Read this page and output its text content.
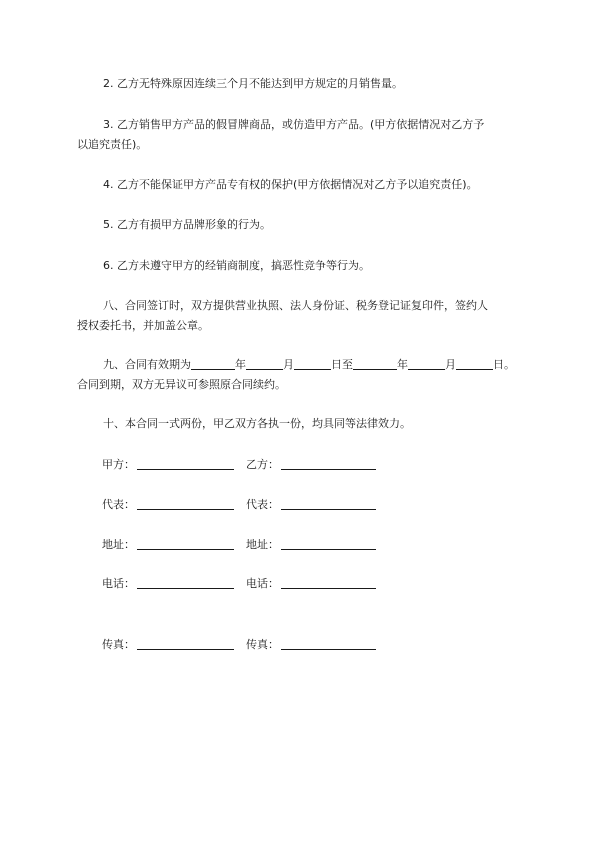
2. 乙方无特殊原因连续三个月不能达到甲方规定的月销售量。

3. 乙方销售甲方产品的假冒牌商品，或仿造甲方产品。(甲方依据情况对乙方予
以追究责任)。

4. 乙方不能保证甲方产品专有权的保护(甲方依据情况对乙方予以追究责任)。

5. 乙方有损甲方品牌形象的行为。

6. 乙方未遵守甲方的经销商制度，搞恶性竞争等行为。

八、合同签订时，双方提供营业执照、法人身份证、税务登记证复印件，签约人
授权委托书，并加盖公章。

九、合同有效期为	年	月	日至	年	月	日。
合同到期，双方无异议可参照原合同续约。

十、本合同一式两份，甲乙双方各执一份，均具同等法律效力。

甲方：	乙方：
代表：	代表：
地址：	地址：
电话：	电话：
传真：	传真：
